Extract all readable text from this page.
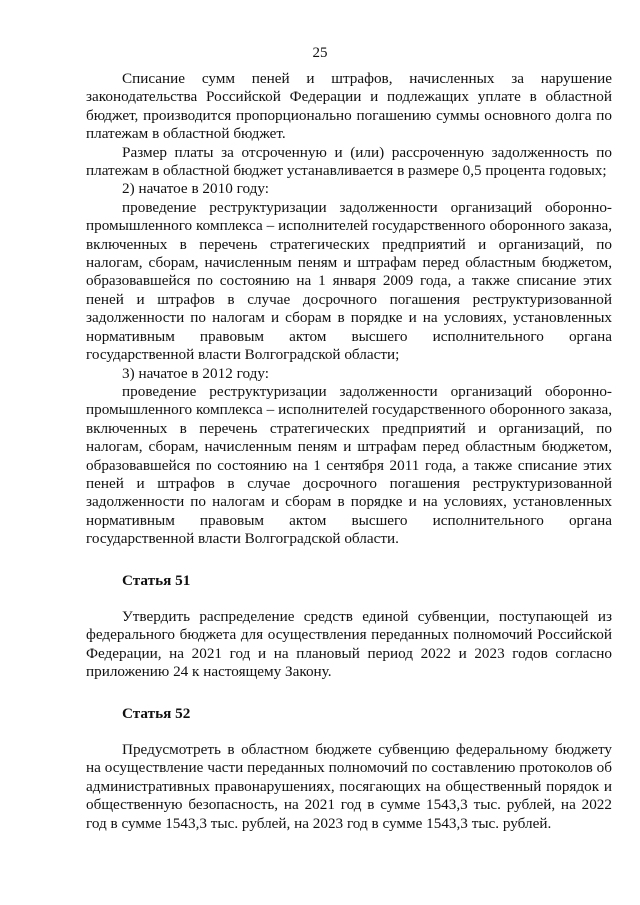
25

Списание сумм пеней и штрафов, начисленных за нарушение законодательства Российской Федерации и подлежащих уплате в областной бюджет, производится пропорционально погашению суммы основного долга по платежам в областной бюджет.

Размер платы за отсроченную и (или) рассроченную задолженность по платежам в областной бюджет устанавливается в размере 0,5 процента годовых;

2) начатое в 2010 году:

проведение реструктуризации задолженности организаций оборонно-промышленного комплекса – исполнителей государственного оборонного заказа, включенных в перечень стратегических предприятий и организаций, по налогам, сборам, начисленным пеням и штрафам перед областным бюджетом, образовавшейся по состоянию на 1 января 2009 года, а также списание этих пеней и штрафов в случае досрочного погашения реструктуризованной задолженности по налогам и сборам в порядке и на условиях, установленных нормативным правовым актом высшего исполнительного органа государственной власти Волгоградской области;

3) начатое в 2012 году:

проведение реструктуризации задолженности организаций оборонно-промышленного комплекса – исполнителей государственного оборонного заказа, включенных в перечень стратегических предприятий и организаций, по налогам, сборам, начисленным пеням и штрафам перед областным бюджетом, образовавшейся по состоянию на 1 сентября 2011 года, а также списание этих пеней и штрафов в случае досрочного погашения реструктуризованной задолженности по налогам и сборам в порядке и на условиях, установленных нормативным правовым актом высшего исполнительного органа государственной власти Волгоградской области.

Статья 51

Утвердить распределение средств единой субвенции, поступающей из федерального бюджета для осуществления переданных полномочий Российской Федерации, на 2021 год и на плановый период 2022 и 2023 годов согласно приложению 24 к настоящему Закону.

Статья 52

Предусмотреть в областном бюджете субвенцию федеральному бюджету на осуществление части переданных полномочий по составлению протоколов об административных правонарушениях, посягающих на общественный порядок и общественную безопасность, на 2021 год в сумме 1543,3 тыс. рублей, на 2022 год в сумме 1543,3 тыс. рублей, на 2023 год в сумме 1543,3 тыс. рублей.
